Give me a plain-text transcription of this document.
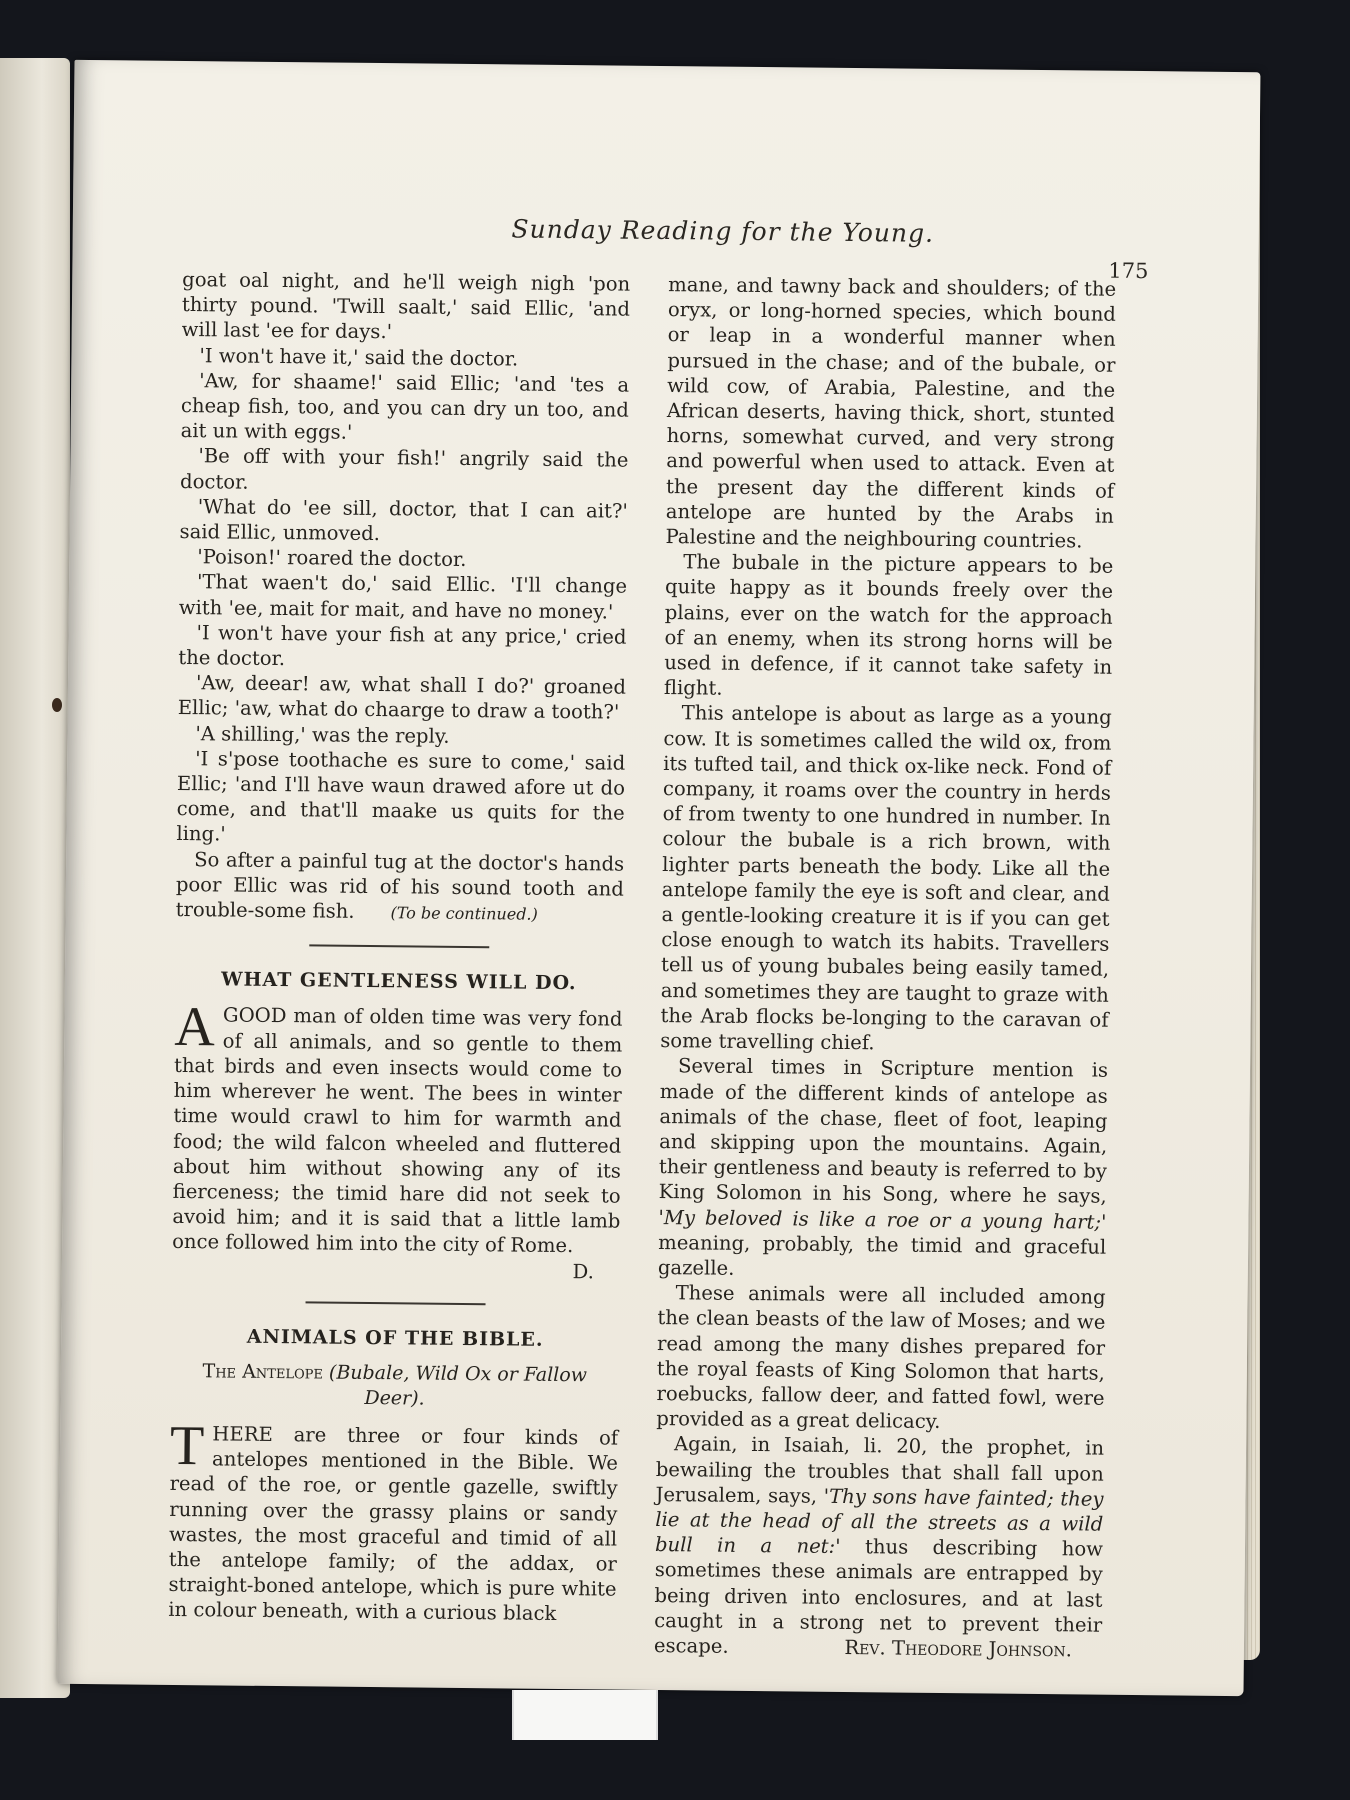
Sunday Reading for the Young.
175

goat oal night, and he'll weigh nigh 'pon thirty pound. 'Twill saalt,' said Ellic, 'and will last 'ee for days.'

'I won't have it,' said the doctor.

'Aw, for shaame!' said Ellic; 'and 'tes a cheap fish, too, and you can dry un too, and ait un with eggs.'

'Be off with your fish!' angrily said the doctor.

'What do 'ee sill, doctor, that I can ait?' said Ellic, unmoved.

'Poison!' roared the doctor.

'That waen't do,' said Ellic. 'I'll change with 'ee, mait for mait, and have no money.'

'I won't have your fish at any price,' cried the doctor.

'Aw, deear! aw, what shall I do?' groaned Ellic; 'aw, what do chaarge to draw a tooth?'

'A shilling,' was the reply.

'I s'pose toothache es sure to come,' said Ellic; 'and I'll have waun drawed afore ut do come, and that'll maake us quits for the ling.'

So after a painful tug at the doctor's hands poor Ellic was rid of his sound tooth and trouble-some fish. (To be continued.)

WHAT GENTLENESS WILL DO.

AGOOD man of olden time was very fond of all animals, and so gentle to them that birds and even insects would come to him wherever he went. The bees in winter time would crawl to him for warmth and food; the wild falcon wheeled and fluttered about him without showing any of its fierceness; the timid hare did not seek to avoid him; and it is said that a little lamb once followed him into the city of Rome.
D.

ANIMALS OF THE BIBLE.
The Antelope (Bubale, Wild Ox or Fallow Deer).

THERE are three or four kinds of antelopes mentioned in the Bible. We read of the roe, or gentle gazelle, swiftly running over the grassy plains or sandy wastes, the most graceful and timid of all the antelope family; of the addax, or straight-boned antelope, which is pure white in colour beneath, with a curious black

mane, and tawny back and shoulders; of the oryx, or long-horned species, which bound or leap in a wonderful manner when pursued in the chase; and of the bubale, or wild cow, of Arabia, Palestine, and the African deserts, having thick, short, stunted horns, somewhat curved, and very strong and powerful when used to attack. Even at the present day the different kinds of antelope are hunted by the Arabs in Palestine and the neighbouring countries.

The bubale in the picture appears to be quite happy as it bounds freely over the plains, ever on the watch for the approach of an enemy, when its strong horns will be used in defence, if it cannot take safety in flight.

This antelope is about as large as a young cow. It is sometimes called the wild ox, from its tufted tail, and thick ox-like neck. Fond of company, it roams over the country in herds of from twenty to one hundred in number. In colour the bubale is a rich brown, with lighter parts beneath the body. Like all the antelope family the eye is soft and clear, and a gentle-looking creature it is if you can get close enough to watch its habits. Travellers tell us of young bubales being easily tamed, and sometimes they are taught to graze with the Arab flocks be-longing to the caravan of some travelling chief.

Several times in Scripture mention is made of the different kinds of antelope as animals of the chase, fleet of foot, leaping and skipping upon the mountains. Again, their gentleness and beauty is referred to by King Solomon in his Song, where he says, 'My beloved is like a roe or a young hart;' meaning, probably, the timid and graceful gazelle.

These animals were all included among the clean beasts of the law of Moses; and we read among the many dishes prepared for the royal feasts of King Solomon that harts, roebucks, fallow deer, and fatted fowl, were provided as a great delicacy.

Again, in Isaiah, li. 20, the prophet, in bewailing the troubles that shall fall upon Jerusalem, says, 'Thy sons have fainted; they lie at the head of all the streets as a wild bull in a net:' thus describing how sometimes these animals are entrapped by being driven into enclosures, and at last caught in a strong net to prevent their escape.	Rev. Theodore Johnson.
